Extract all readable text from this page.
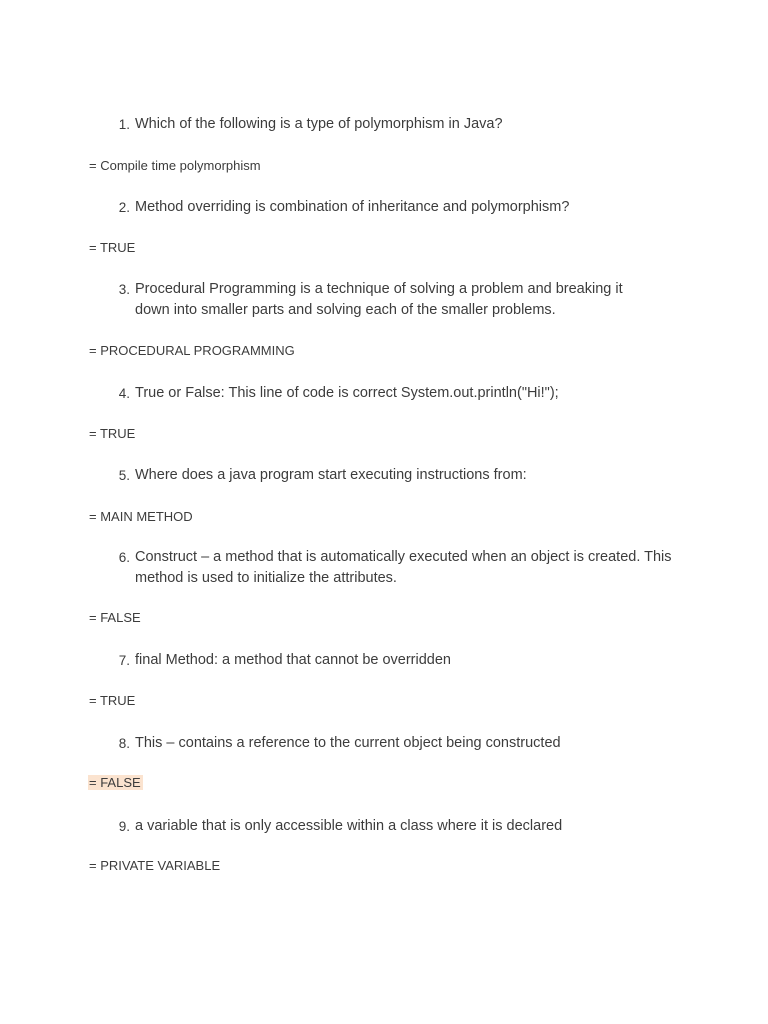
1. Which of the following is a type of polymorphism in Java?
= Compile time polymorphism
2. Method overriding is combination of inheritance and polymorphism?
= TRUE
3. Procedural Programming is a technique of solving a problem and breaking it down into smaller parts and solving each of the smaller problems.
= PROCEDURAL PROGRAMMING
4. True or False: This line of code is correct System.out.println("Hi!");
= TRUE
5. Where does a java program start executing instructions from:
= MAIN METHOD
6. Construct – a method that is automatically executed when an object is created. This method is used to initialize the attributes.
= FALSE
7. final Method: a method that cannot be overridden
= TRUE
8. This – contains a reference to the current object being constructed
= FALSE
9. a variable that is only accessible within a class where it is declared
= PRIVATE VARIABLE
